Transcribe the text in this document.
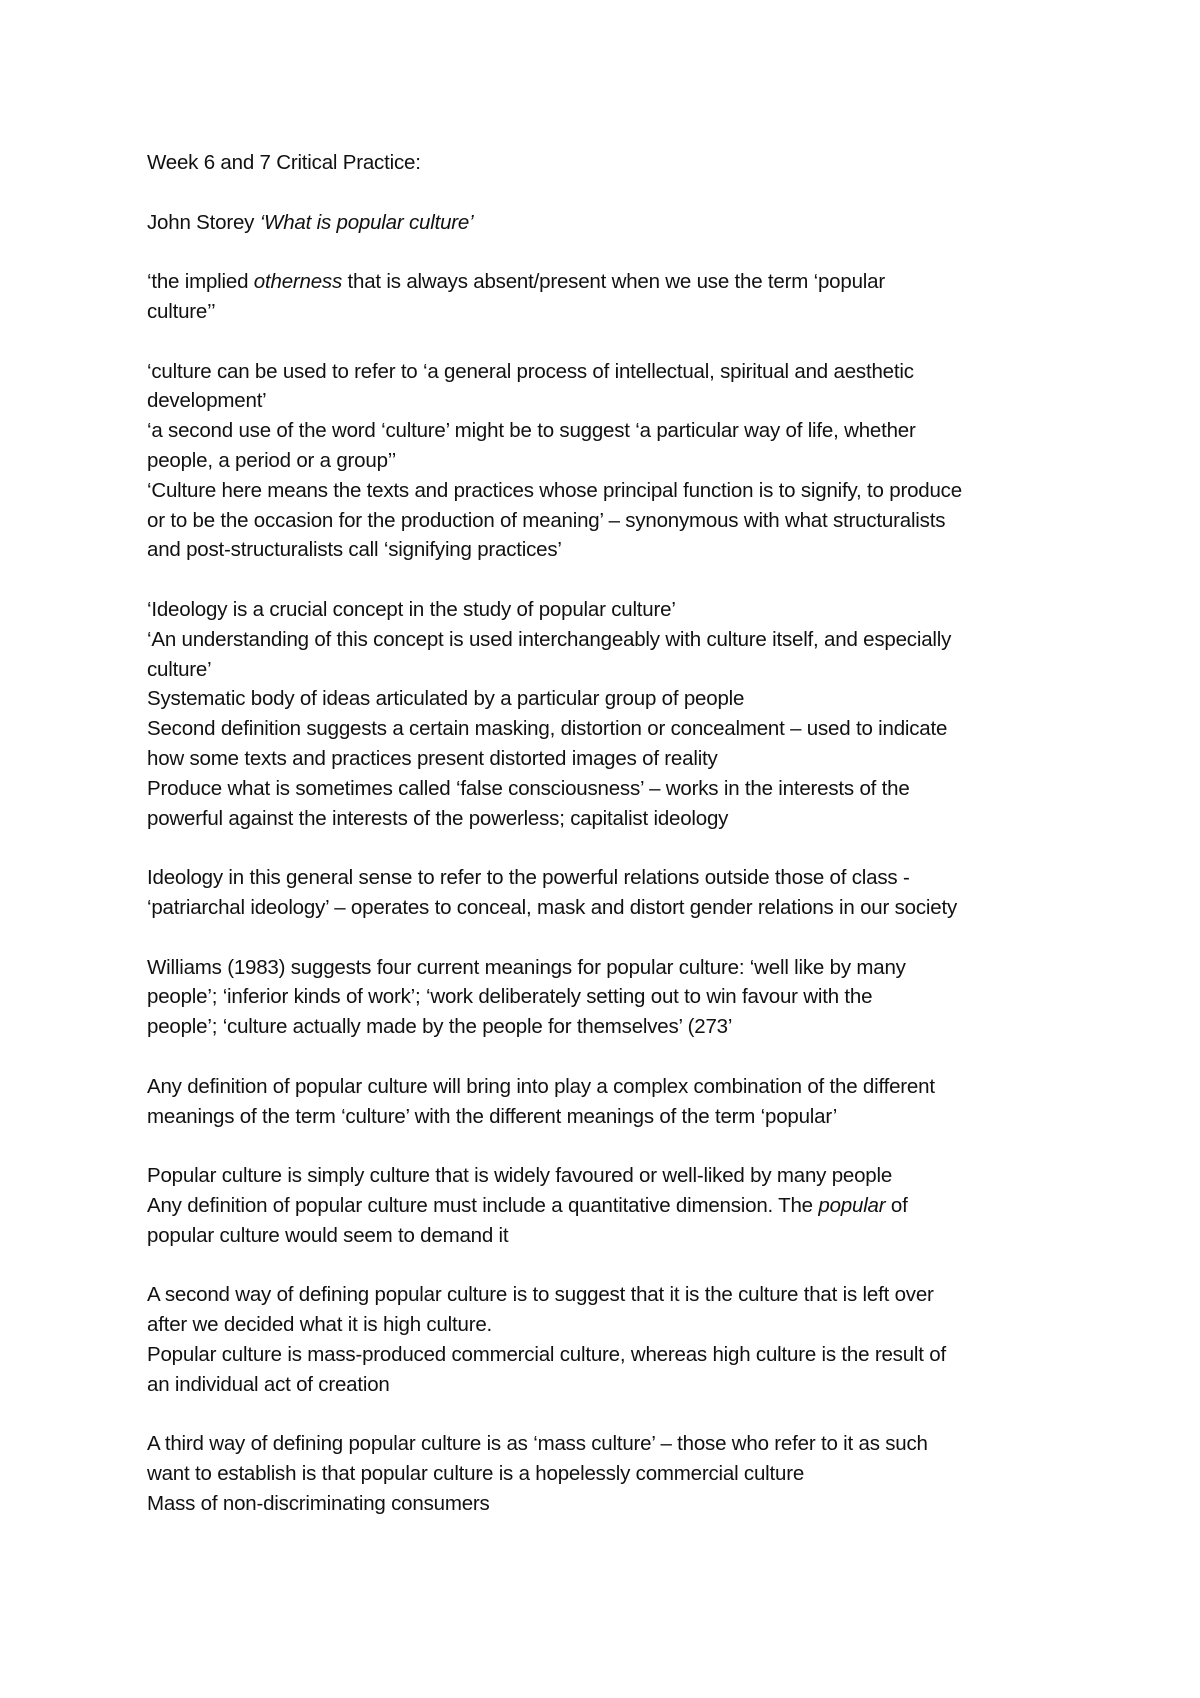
Week 6 and 7 Critical Practice:
John Storey ‘What is popular culture’
‘the implied otherness that is always absent/present when we use the term ‘popular
culture’’
‘culture can be used to refer to ‘a general process of intellectual, spiritual and aesthetic
development’
‘a second use of the word ‘culture’ might be to suggest ‘a particular way of life, whether
people, a period or a group’’
‘Culture here means the texts and practices whose principal function is to signify, to produce
or to be the occasion for the production of meaning’ – synonymous with what structuralists
and post-structuralists call ‘signifying practices’
‘Ideology is a crucial concept in the study of popular culture’
‘An understanding of this concept is used interchangeably with culture itself, and especially
culture’
Systematic body of ideas articulated by a particular group of people
Second definition suggests a certain masking, distortion or concealment – used to indicate
how some texts and practices present distorted images of reality
Produce what is sometimes called ‘false consciousness’ – works in the interests of the
powerful against the interests of the powerless; capitalist ideology
Ideology in this general sense to refer to the powerful relations outside those of class -
‘patriarchal ideology’ – operates to conceal, mask and distort gender relations in our society
Williams (1983) suggests four current meanings for popular culture: ‘well like by many
people’; ‘inferior kinds of work’; ‘work deliberately setting out to win favour with the
people’; ‘culture actually made by the people for themselves’ (273’
Any definition of popular culture will bring into play a complex combination of the different
meanings of the term ‘culture’ with the different meanings of the term ‘popular’
Popular culture is simply culture that is widely favoured or well-liked by many people
Any definition of popular culture must include a quantitative dimension. The popular of
popular culture would seem to demand it
A second way of defining popular culture is to suggest that it is the culture that is left over
after we decided what it is high culture.
Popular culture is mass-produced commercial culture, whereas high culture is the result of
an individual act of creation
A third way of defining popular culture is as ‘mass culture’ – those who refer to it as such
want to establish is that popular culture is a hopelessly commercial culture
Mass of non-discriminating consumers
